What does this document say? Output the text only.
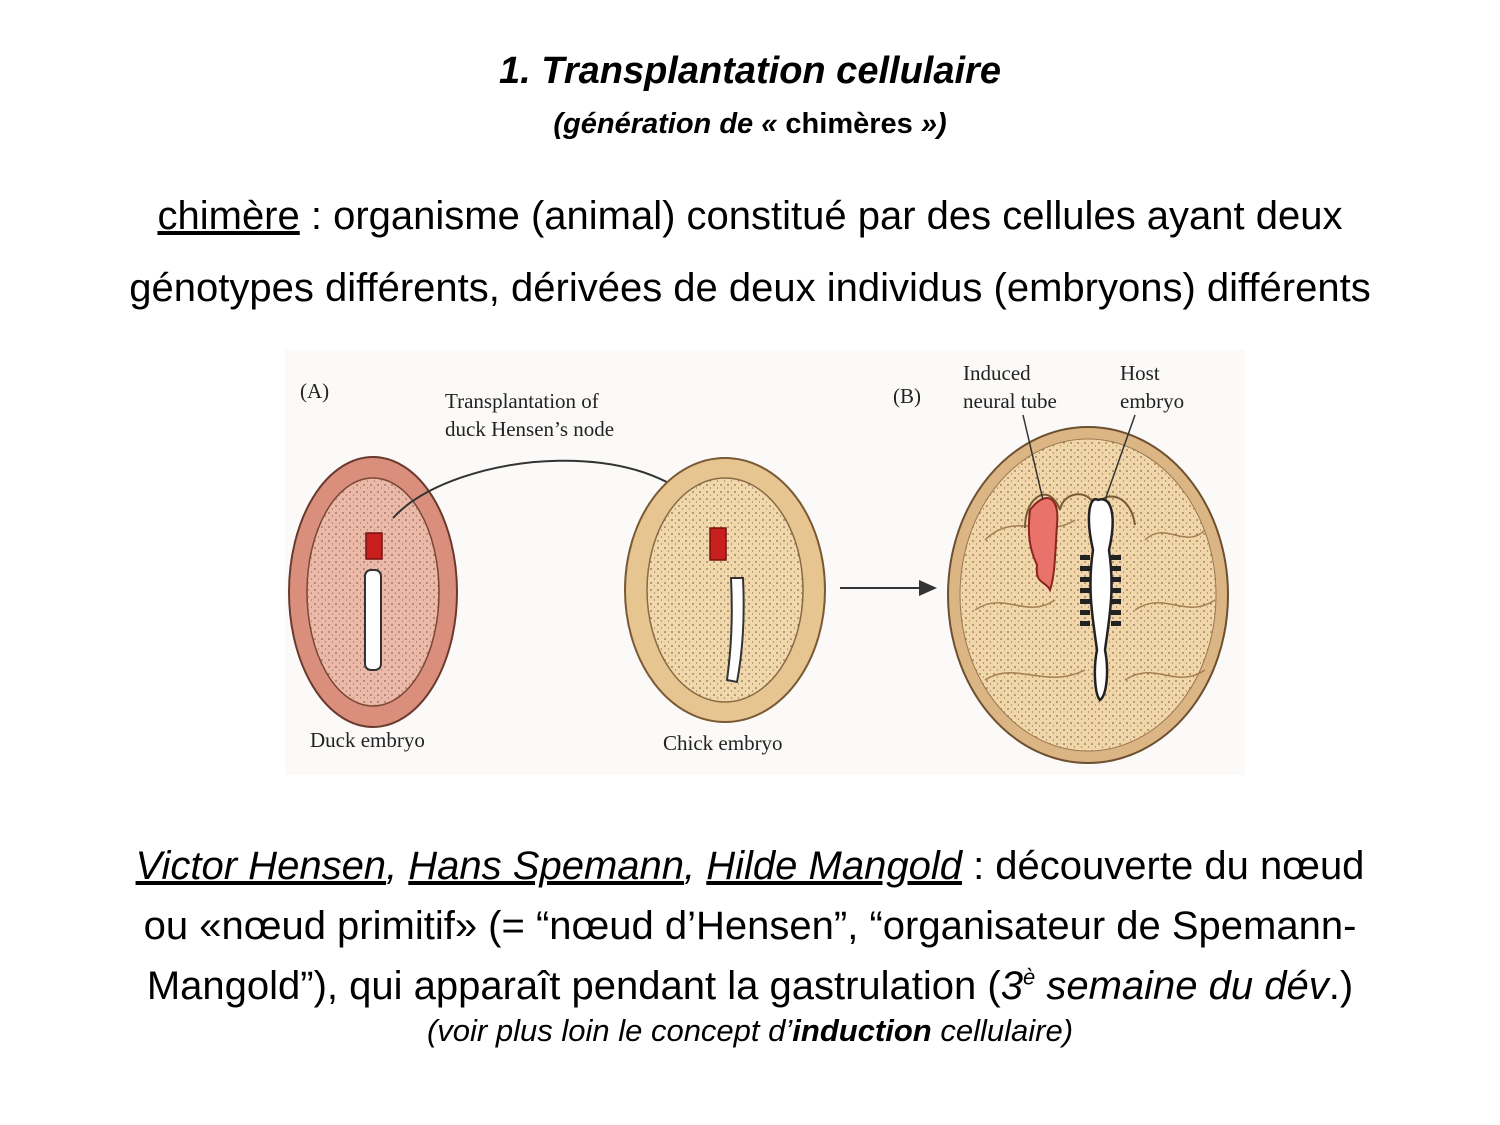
1. Transplantation cellulaire
(génération de « chimères »)
chimère : organisme (animal) constitué par des cellules ayant deux
génotypes différents, dérivées de deux individus (embryons) différents
(A)	Transplantation of
duck Hensen’s node
(B)
Induced
neural tube
Host
embryo
Duck embryo	Chick embryo
Victor Hensen, Hans Spemann, Hilde Mangold : découverte du nœud
ou «nœud primitif» (= “nœud d’Hensen”, “organisateur de Spemann-
Mangold”), qui apparaît pendant la gastrulation ($3^è$ semaine du dév.)
(voir plus loin le concept d’induction cellulaire)
